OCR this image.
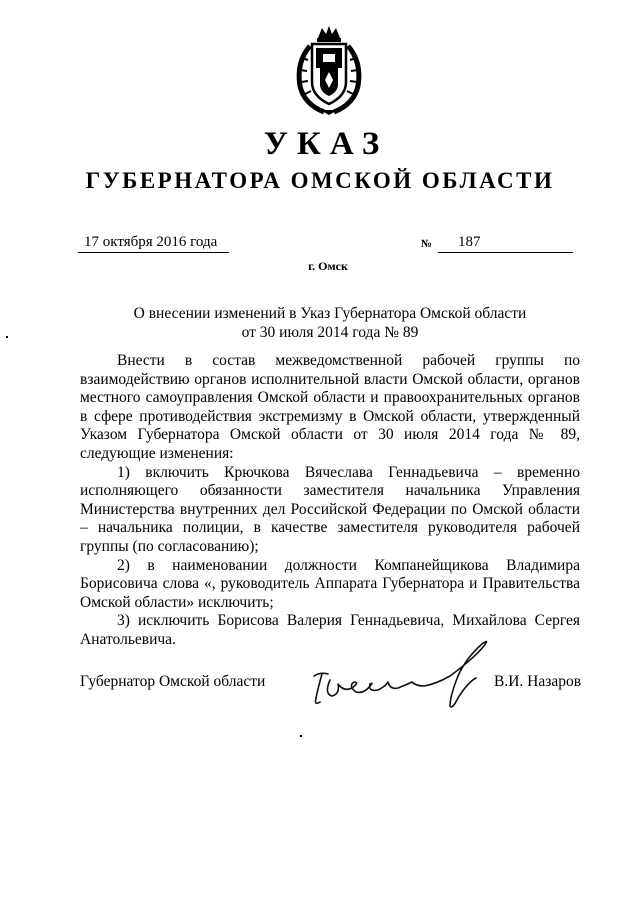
УКАЗ
ГУБЕРНАТОРА ОМСКОЙ ОБЛАСТИ
17 октября 2016 года	№	187
г. Омск
О внесении изменений в Указ Губернатора Омской области
от 30 июля 2014 года № 89

Внести в состав межведомственной рабочей группы по взаимодействию органов исполнительной власти Омской области, органов местного самоуправления Омской области и правоохранительных органов в сфере противодействия экстремизму в Омской области, утвержденный Указом Губернатора Омской области от 30 июля 2014 года № 89, следующие изменения:

1) включить Крючкова Вячеслава Геннадьевича – временно исполняющего обязанности заместителя начальника Управления Министерства внутренних дел Российской Федерации по Омской области – начальника полиции, в качестве заместителя руководителя рабочей группы (по согласованию);

2) в наименовании должности Компанейщикова Владимира Борисовича слова «, руководитель Аппарата Губернатора и Правительства Омской области» исключить;

3) исключить Борисова Валерия Геннадьевича, Михайлова Сергея Анатольевича.

Губернатор Омской области	В.И. Назаров
